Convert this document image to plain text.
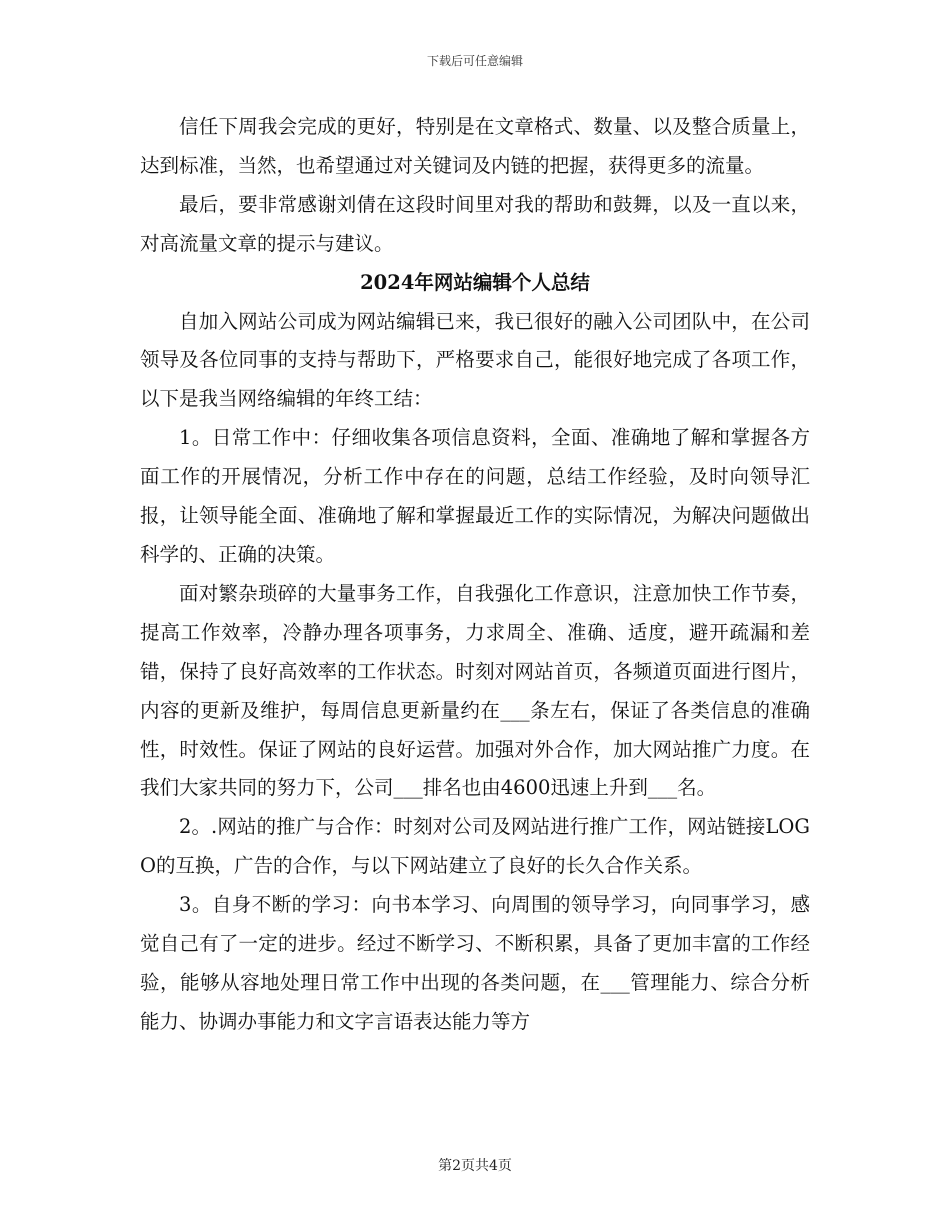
下载后可任意编辑

信任下周我会完成的更好，特别是在文章格式、数量、以及整合质量上，达到标准，当然，也希望通过对关键词及内链的把握，获得更多的流量。

最后，要非常感谢刘倩在这段时间里对我的帮助和鼓舞，以及一直以来，对高流量文章的提示与建议。

2024年网站编辑个人总结

自加入网站公司成为网站编辑已来，我已很好的融入公司团队中，在公司领导及各位同事的支持与帮助下，严格要求自己，能很好地完成了各项工作，以下是我当网络编辑的年终工结：

1。日常工作中：仔细收集各项信息资料，全面、准确地了解和掌握各方面工作的开展情况，分析工作中存在的问题，总结工作经验，及时向领导汇报，让领导能全面、准确地了解和掌握最近工作的实际情况，为解决问题做出科学的、正确的决策。

面对繁杂琐碎的大量事务工作，自我强化工作意识，注意加快工作节奏，提高工作效率，冷静办理各项事务，力求周全、准确、适度，避开疏漏和差错，保持了良好高效率的工作状态。时刻对网站首页，各频道页面进行图片，内容的更新及维护，每周信息更新量约在___条左右，保证了各类信息的准确性，时效性。保证了网站的良好运营。加强对外合作，加大网站推广力度。在我们大家共同的努力下，公司___排名也由4600迅速上升到___名。

2。.网站的推广与合作：时刻对公司及网站进行推广工作，网站链接LOGO的互换，广告的合作，与以下网站建立了良好的长久合作关系。

3。自身不断的学习：向书本学习、向周围的领导学习，向同事学习，感觉自己有了一定的进步。经过不断学习、不断积累，具备了更加丰富的工作经验，能够从容地处理日常工作中出现的各类问题，在___管理能力、综合分析能力、协调办事能力和文字言语表达能力等方

第2页共4页
